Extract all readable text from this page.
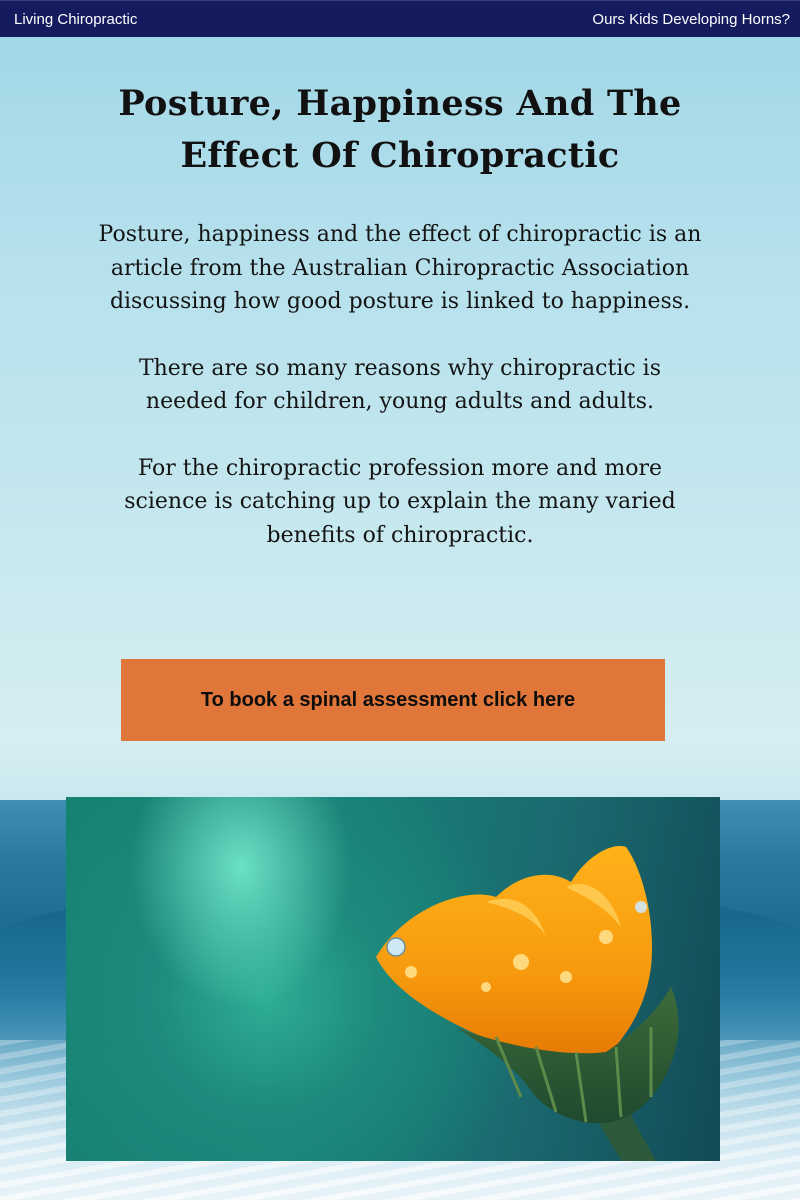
Living Chiropractic	Ours Kids Developing Horns?
Posture, Happiness And The Effect Of Chiropractic

Posture, happiness and the effect of chiropractic is an article from the Australian Chiropractic Association discussing how good posture is linked to happiness.

There are so many reasons why chiropractic is needed for children, young adults and adults.

For the chiropractic profession more and more science is catching up to explain the many varied benefits of chiropractic.

To book a spinal assessment click here
